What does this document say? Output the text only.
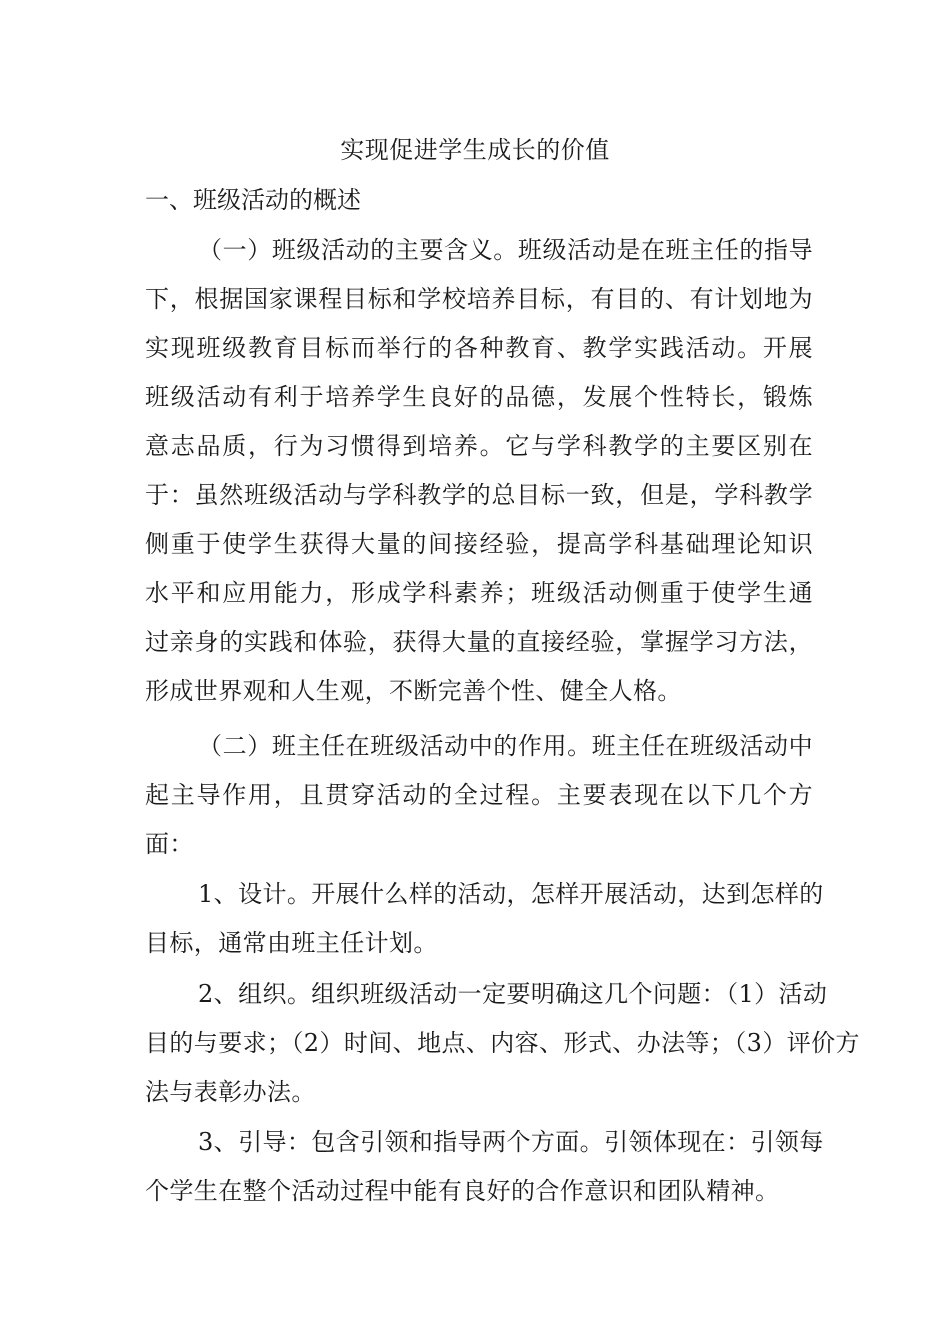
实现促进学生成长的价值
一、班级活动的概述
（一）班级活动的主要含义。班级活动是在班主任的指导
下，根据国家课程目标和学校培养目标，有目的、有计划地为
实现班级教育目标而举行的各种教育、教学实践活动。开展
班级活动有利于培养学生良好的品德，发展个性特长，锻炼
意志品质，行为习惯得到培养。它与学科教学的主要区别在
于：虽然班级活动与学科教学的总目标一致，但是，学科教学
侧重于使学生获得大量的间接经验，提高学科基础理论知识
水平和应用能力，形成学科素养；班级活动侧重于使学生通
过亲身的实践和体验，获得大量的直接经验，掌握学习方法，
形成世界观和人生观，不断完善个性、健全人格。
（二）班主任在班级活动中的作用。班主任在班级活动中
起主导作用，且贯穿活动的全过程。主要表现在以下几个方
面：
1、设计。开展什么样的活动，怎样开展活动，达到怎样的
目标，通常由班主任计划。
2、组织。组织班级活动一定要明确这几个问题：（1）活动
目的与要求；（2）时间、地点、内容、形式、办法等；（3）评价方
法与表彰办法。
3、引导：包含引领和指导两个方面。引领体现在：引领每
个学生在整个活动过程中能有良好的合作意识和团队精神。
